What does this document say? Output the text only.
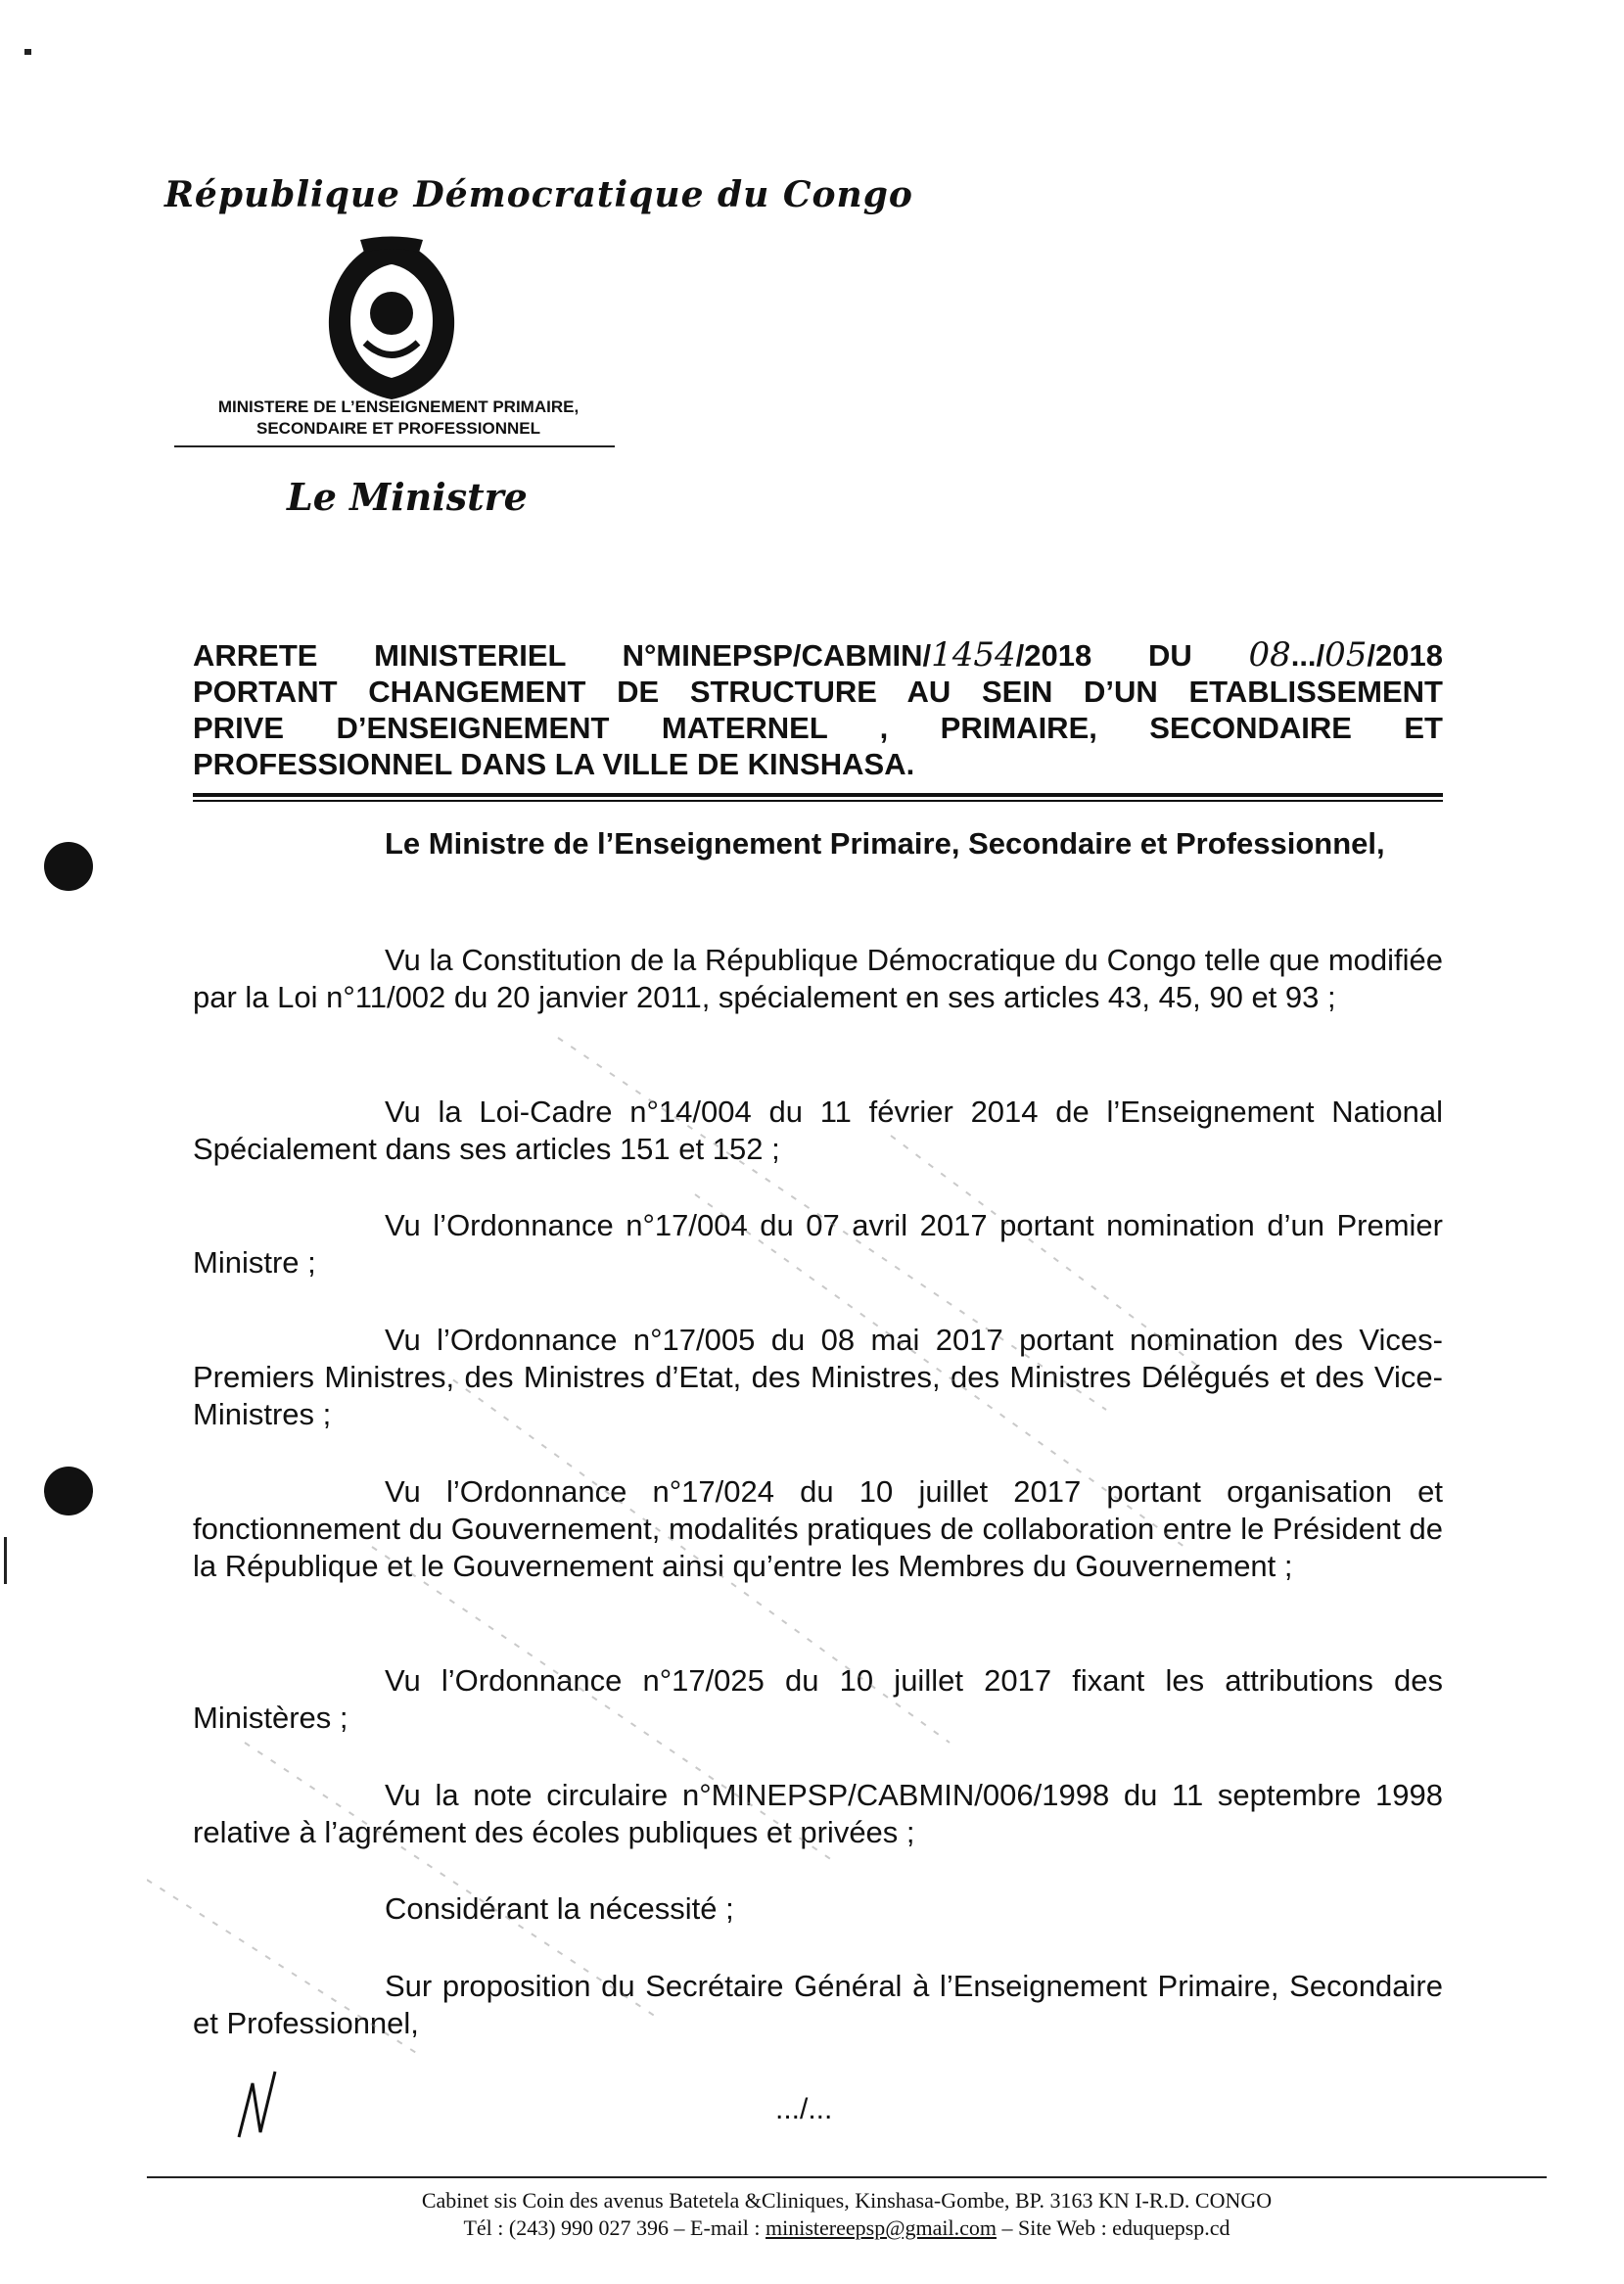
République Démocratique du Congo
MINISTERE DE L’ENSEIGNEMENT PRIMAIRE,
SECONDAIRE ET PROFESSIONNEL
Le Ministre
ARRETE MINISTERIEL N°MINEPSP/CABMIN/1454/2018 DU 08.../05/2018
PORTANT CHANGEMENT DE STRUCTURE AU SEIN D’UN ETABLISSEMENT
PRIVE D’ENSEIGNEMENT MATERNEL , PRIMAIRE, SECONDAIRE ET
PROFESSIONNEL DANS LA VILLE DE KINSHASA.

Le Ministre de l’Enseignement Primaire, Secondaire et Professionnel,

Vu la Constitution de la République Démocratique du Congo telle que modifiée par la Loi n°11/002 du 20 janvier 2011, spécialement en ses articles 43, 45, 90 et 93 ;

Vu la Loi-Cadre n°14/004 du 11 février 2014 de l’Enseignement National Spécialement dans ses articles 151 et 152 ;

Vu l’Ordonnance n°17/004 du 07 avril 2017 portant nomination d’un Premier Ministre ;

Vu l’Ordonnance n°17/005 du 08 mai 2017 portant nomination des Vices-Premiers Ministres, des Ministres d’Etat, des Ministres, des Ministres Délégués et des Vice-Ministres ;

Vu l’Ordonnance n°17/024 du 10 juillet 2017 portant organisation et fonctionnement du Gouvernement, modalités pratiques de collaboration entre le Président de la République et le Gouvernement ainsi qu’entre les Membres du Gouvernement ;

Vu l’Ordonnance n°17/025 du 10 juillet 2017 fixant les attributions des Ministères ;

Vu la note circulaire n°MINEPSP/CABMIN/006/1998 du 11 septembre 1998 relative à l’agrément des écoles publiques et privées ;

Considérant la nécessité ;

Sur proposition du Secrétaire Général à l’Enseignement Primaire, Secondaire et Professionnel,

.../...
Cabinet sis Coin des avenus Batetela &Cliniques, Kinshasa-Gombe, BP. 3163 KN I-R.D. CONGO
Tél : (243) 990 027 396 – E-mail : ministereepsp@gmail.com – Site Web : eduquepsp.cd
